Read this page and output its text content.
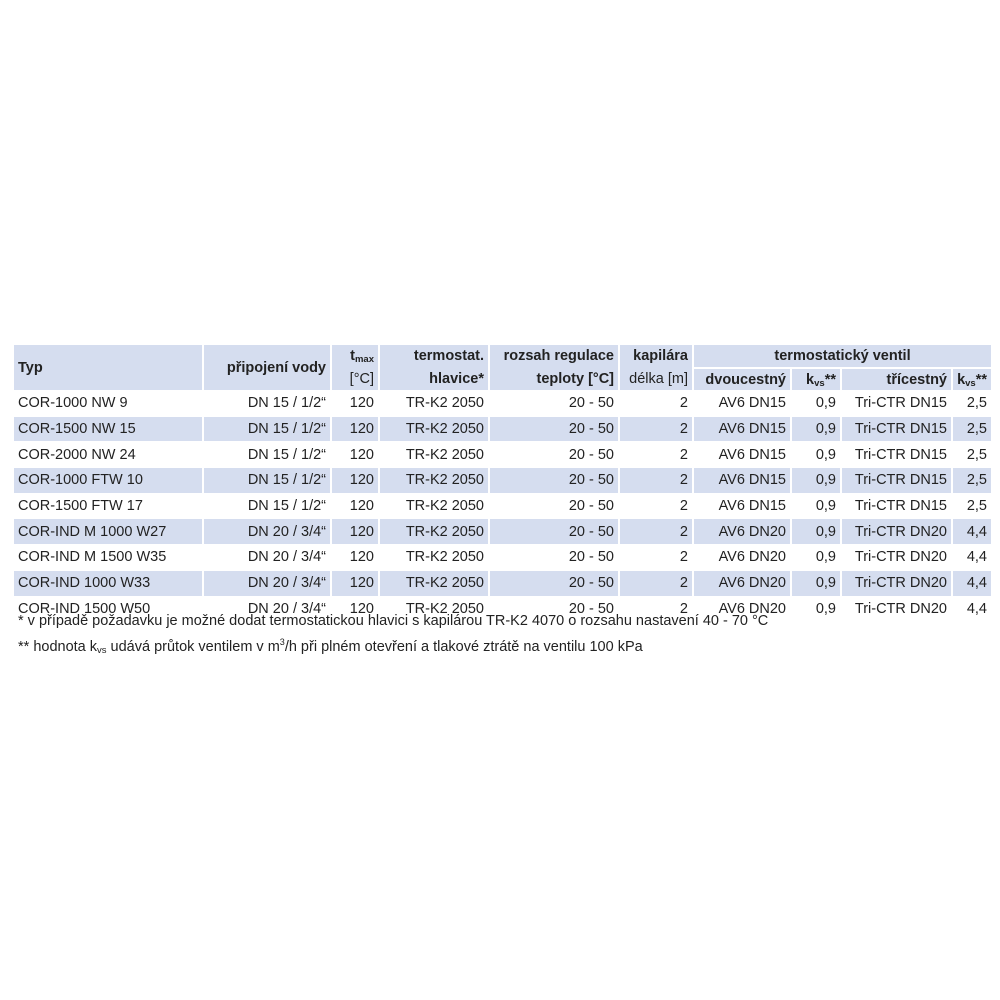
Typ	připojení vody	tmax	termostat.	rozsah regulace	kapilára	termostatický ventil			
		[°C]	hlavice*	teploty [°C]	délka [m]	dvoucestný	kvs**	třícestný	kvs**
COR-1000 NW 9	DN 15 / 1/2“	120	TR-K2 2050	20 - 50	2	AV6 DN15	0,9	Tri-CTR DN15	2,5
COR-1500 NW 15	DN 15 / 1/2“	120	TR-K2 2050	20 - 50	2	AV6 DN15	0,9	Tri-CTR DN15	2,5
COR-2000 NW 24	DN 15 / 1/2“	120	TR-K2 2050	20 - 50	2	AV6 DN15	0,9	Tri-CTR DN15	2,5
COR-1000 FTW 10	DN 15 / 1/2“	120	TR-K2 2050	20 - 50	2	AV6 DN15	0,9	Tri-CTR DN15	2,5
COR-1500 FTW 17	DN 15 / 1/2“	120	TR-K2 2050	20 - 50	2	AV6 DN15	0,9	Tri-CTR DN15	2,5
COR-IND M 1000 W27	DN 20 / 3/4“	120	TR-K2 2050	20 - 50	2	AV6 DN20	0,9	Tri-CTR DN20	4,4
COR-IND M 1500 W35	DN 20 / 3/4“	120	TR-K2 2050	20 - 50	2	AV6 DN20	0,9	Tri-CTR DN20	4,4
COR-IND 1000 W33	DN 20 / 3/4“	120	TR-K2 2050	20 - 50	2	AV6 DN20	0,9	Tri-CTR DN20	4,4
COR-IND 1500 W50	DN 20 / 3/4“	120	TR-K2 2050	20 - 50	2	AV6 DN20	0,9	Tri-CTR DN20	4,4
* v případě požadavku je možné dodat termostatickou hlavici s kapilárou TR-K2 4070 o rozsahu nastavení 40 - 70 °C
** hodnota kvs udává průtok ventilem v $m^3/h$ při plném otevření a tlakové ztrátě na ventilu 100 kPa
